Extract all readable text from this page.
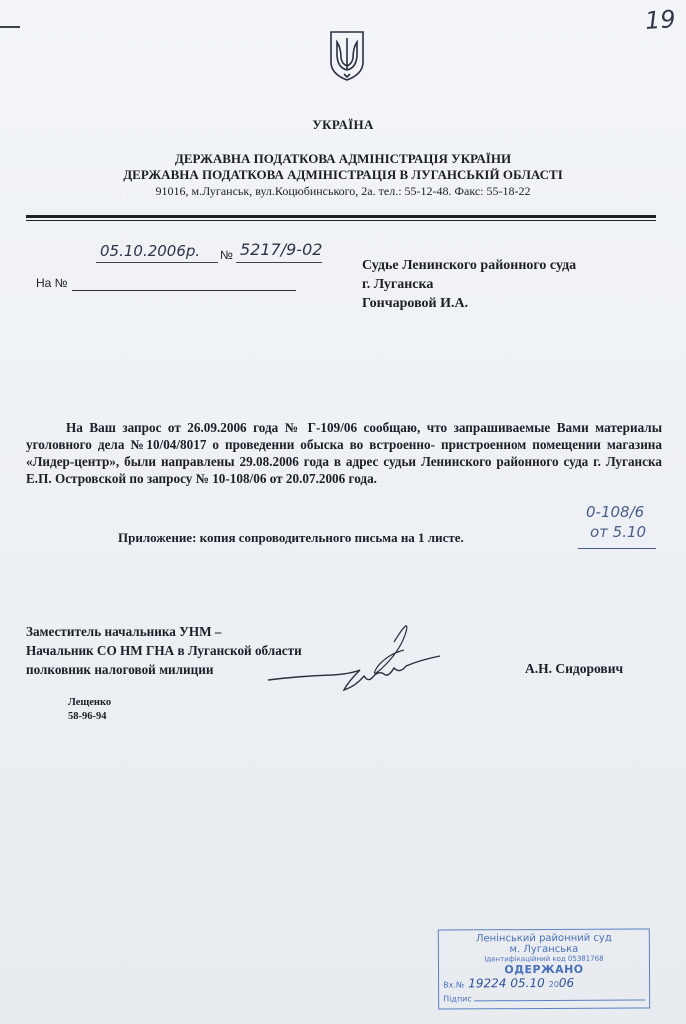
19
УКРАЇНА
ДЕРЖАВНА ПОДАТКОВА АДМІНІСТРАЦІЯ УКРАЇНИ
ДЕРЖАВНА ПОДАТКОВА АДМІНІСТРАЦІЯ В ЛУГАНСЬКІЙ ОБЛАСТІ
91016, м.Луганськ, вул.Коцюбинського, 2а. тел.: 55-12-48. Факс: 55-18-22
05.10.2006р.	№ 5217/9-02
На №
Судье Ленинского районного суда
г. Луганска
Гончаровой И.А.
На Ваш запрос от 26.09.2006 года № Г-109/06 сообщаю, что запрашиваемые Вами материалы уголовного дела №10/04/8017 о проведении обыска во встроенно- пристроенном помещении магазина «Лидер-центр», были направлены 29.08.2006 года в адрес судьи Ленинского районного суда г. Луганска Е.П. Островской по запросу № 10-108/06 от 20.07.2006 года.
0-108/6
от 5.10
Приложение: копия сопроводительного письма на 1 листе.
Заместитель начальника УНМ –
Начальник СО НМ ГНА в Луганской области
полковник налоговой милиции	А.Н. Сидорович
Лещенко
58-96-94
Ленінський районний суд
м. Луганська
Ідентифікаційний код 05381768
ОДЕРЖАНО
Вх.№ 19224 05.10 20 06
Підпис
